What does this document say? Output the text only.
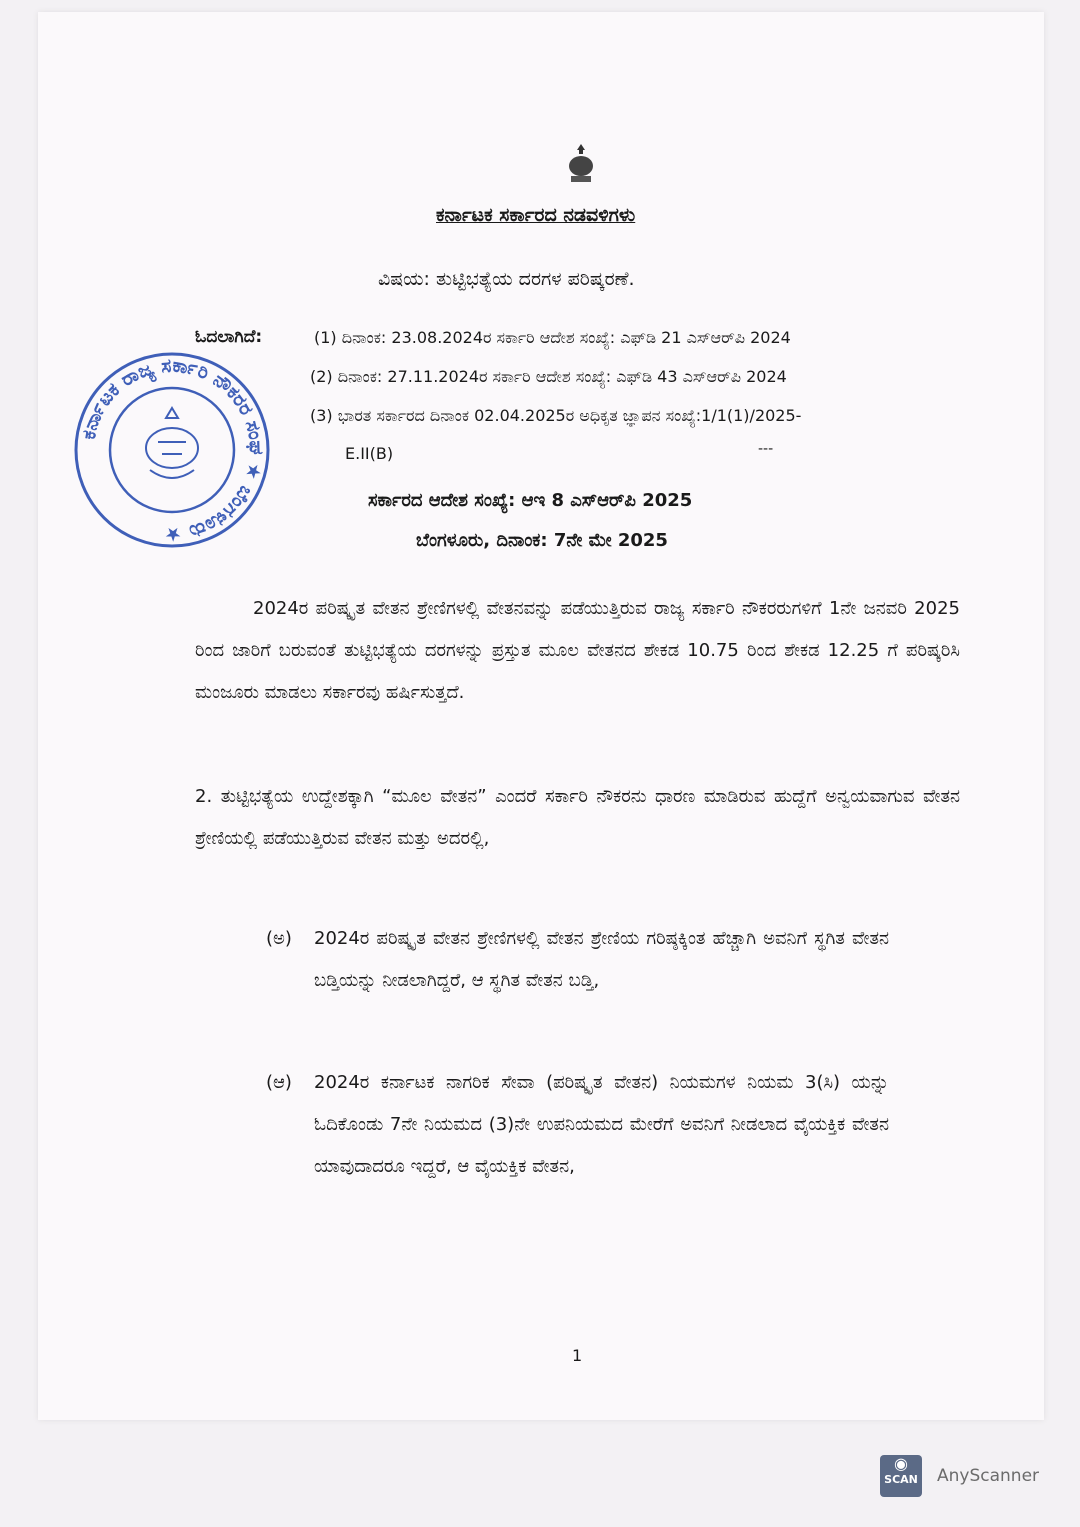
ಕರ್ನಾಟಕ ಸರ್ಕಾರದ ನಡವಳಿಗಳು
ವಿಷಯ: ತುಟ್ಟಿಭತ್ಯೆಯ ದರಗಳ ಪರಿಷ್ಕರಣೆ.
ಓದಲಾಗಿದೆ:	(1) ದಿನಾಂಕ: 23.08.2024ರ ಸರ್ಕಾರಿ ಆದೇಶ ಸಂಖ್ಯೆ: ಎಫ್‌ಡಿ 21 ಎಸ್‌ಆರ್‌ಪಿ 2024
(2) ದಿನಾಂಕ: 27.11.2024ರ ಸರ್ಕಾರಿ ಆದೇಶ ಸಂಖ್ಯೆ: ಎಫ್‌ಡಿ 43 ಎಸ್‌ಆರ್‌ಪಿ 2024
(3) ಭಾರತ ಸರ್ಕಾರದ ದಿನಾಂಕ 02.04.2025ರ ಅಧಿಕೃತ ಜ್ಞಾಪನ ಸಂಖ್ಯೆ:1/1(1)/2025-
E.II(B)	---
ಸರ್ಕಾರದ ಆದೇಶ ಸಂಖ್ಯೆ: ಆಇ 8 ಎಸ್‌ಆರ್‌ಪಿ 2025
ಬೆಂಗಳೂರು, ದಿನಾಂಕ: 7ನೇ ಮೇ 2025
2024ರ ಪರಿಷ್ಕೃತ ವೇತನ ಶ್ರೇಣಿಗಳಲ್ಲಿ ವೇತನವನ್ನು ಪಡೆಯುತ್ತಿರುವ ರಾಜ್ಯ ಸರ್ಕಾರಿ ನೌಕರರುಗಳಿಗೆ 1ನೇ ಜನವರಿ 2025 ರಿಂದ ಜಾರಿಗೆ ಬರುವಂತೆ ತುಟ್ಟಿಭತ್ಯೆಯ ದರಗಳನ್ನು ಪ್ರಸ್ತುತ ಮೂಲ ವೇತನದ ಶೇಕಡ 10.75 ರಿಂದ ಶೇಕಡ 12.25 ಗೆ ಪರಿಷ್ಕರಿಸಿ ಮಂಜೂರು ಮಾಡಲು ಸರ್ಕಾರವು ಹರ್ಷಿಸುತ್ತದೆ.
2. ತುಟ್ಟಿಭತ್ಯೆಯ ಉದ್ದೇಶಕ್ಕಾಗಿ “ಮೂಲ ವೇತನ” ಎಂದರೆ ಸರ್ಕಾರಿ ನೌಕರನು ಧಾರಣ ಮಾಡಿರುವ ಹುದ್ದೆಗೆ ಅನ್ವಯವಾಗುವ ವೇತನ ಶ್ರೇಣಿಯಲ್ಲಿ ಪಡೆಯುತ್ತಿರುವ ವೇತನ ಮತ್ತು ಅದರಲ್ಲಿ,
(ಅ) 2024ರ ಪರಿಷ್ಕೃತ ವೇತನ ಶ್ರೇಣಿಗಳಲ್ಲಿ ವೇತನ ಶ್ರೇಣಿಯ ಗರಿಷ್ಠಕ್ಕಿಂತ ಹೆಚ್ಚಾಗಿ ಅವನಿಗೆ ಸ್ಥಗಿತ ವೇತನ ಬಡ್ತಿಯನ್ನು ನೀಡಲಾಗಿದ್ದರೆ, ಆ ಸ್ಥಗಿತ ವೇತನ ಬಡ್ತಿ,
(ಆ) 2024ರ ಕರ್ನಾಟಕ ನಾಗರಿಕ ಸೇವಾ (ಪರಿಷ್ಕೃತ ವೇತನ) ನಿಯಮಗಳ ನಿಯಮ 3(ಸಿ) ಯನ್ನು ಓದಿಕೊಂಡು 7ನೇ ನಿಯಮದ (3)ನೇ ಉಪನಿಯಮದ ಮೇರೆಗೆ ಅವನಿಗೆ ನೀಡಲಾದ ವೈಯಕ್ತಿಕ ವೇತನ ಯಾವುದಾದರೂ ಇದ್ದರೆ, ಆ ವೈಯಕ್ತಿಕ ವೇತನ,
1
ಕರ್ನಾಟಕ ರಾಜ್ಯ ಸರ್ಕಾರಿ ನೌಕರರ ಸಂಘ ★ ಬೆಂಗಳೂರು ★
◉
SCAN AnyScanner
